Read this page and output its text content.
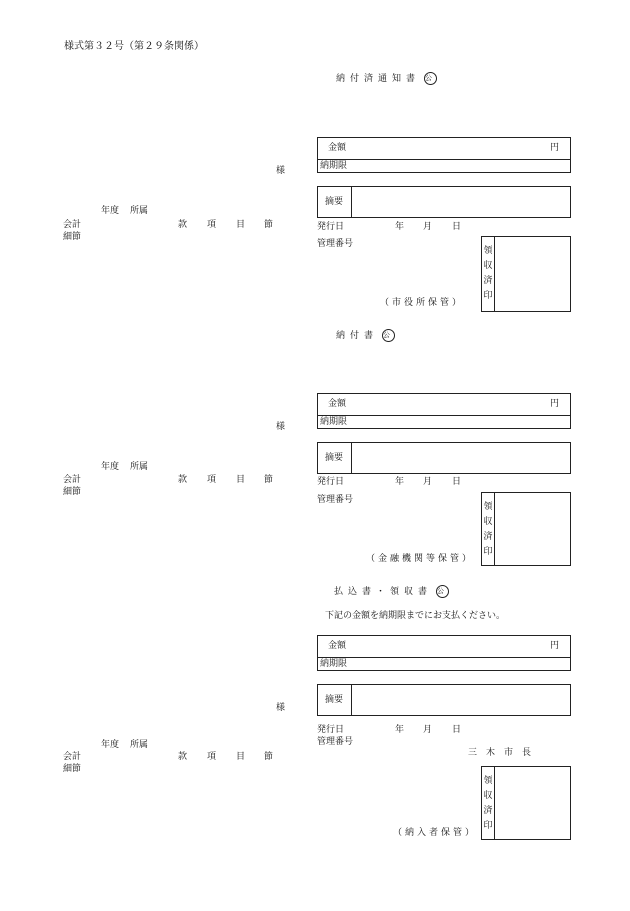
様式第３２号（第２９条関係）
納付済通知書 公
様
年度 所属
会計
細節
款 項 目 節
金額	円
納期限
摘要
発行日	年 月 日
管理番号
領
収
済
印
（市役所保管）
納付書 公
様
年度 所属
会計
細節
款 項 目 節
金額	円
納期限
摘要
発行日	年 月 日
管理番号
領
収
済
印
（金融機関等保管）
払込書・領収書 公
下記の金額を納期限までにお支払ください。
様
年度 所属
会計
細節
款 項 目 節
金額	円
納期限
摘要
発行日	年 月 日
管理番号
三　木　市　長
領
収
済
印
（納入者保管）
